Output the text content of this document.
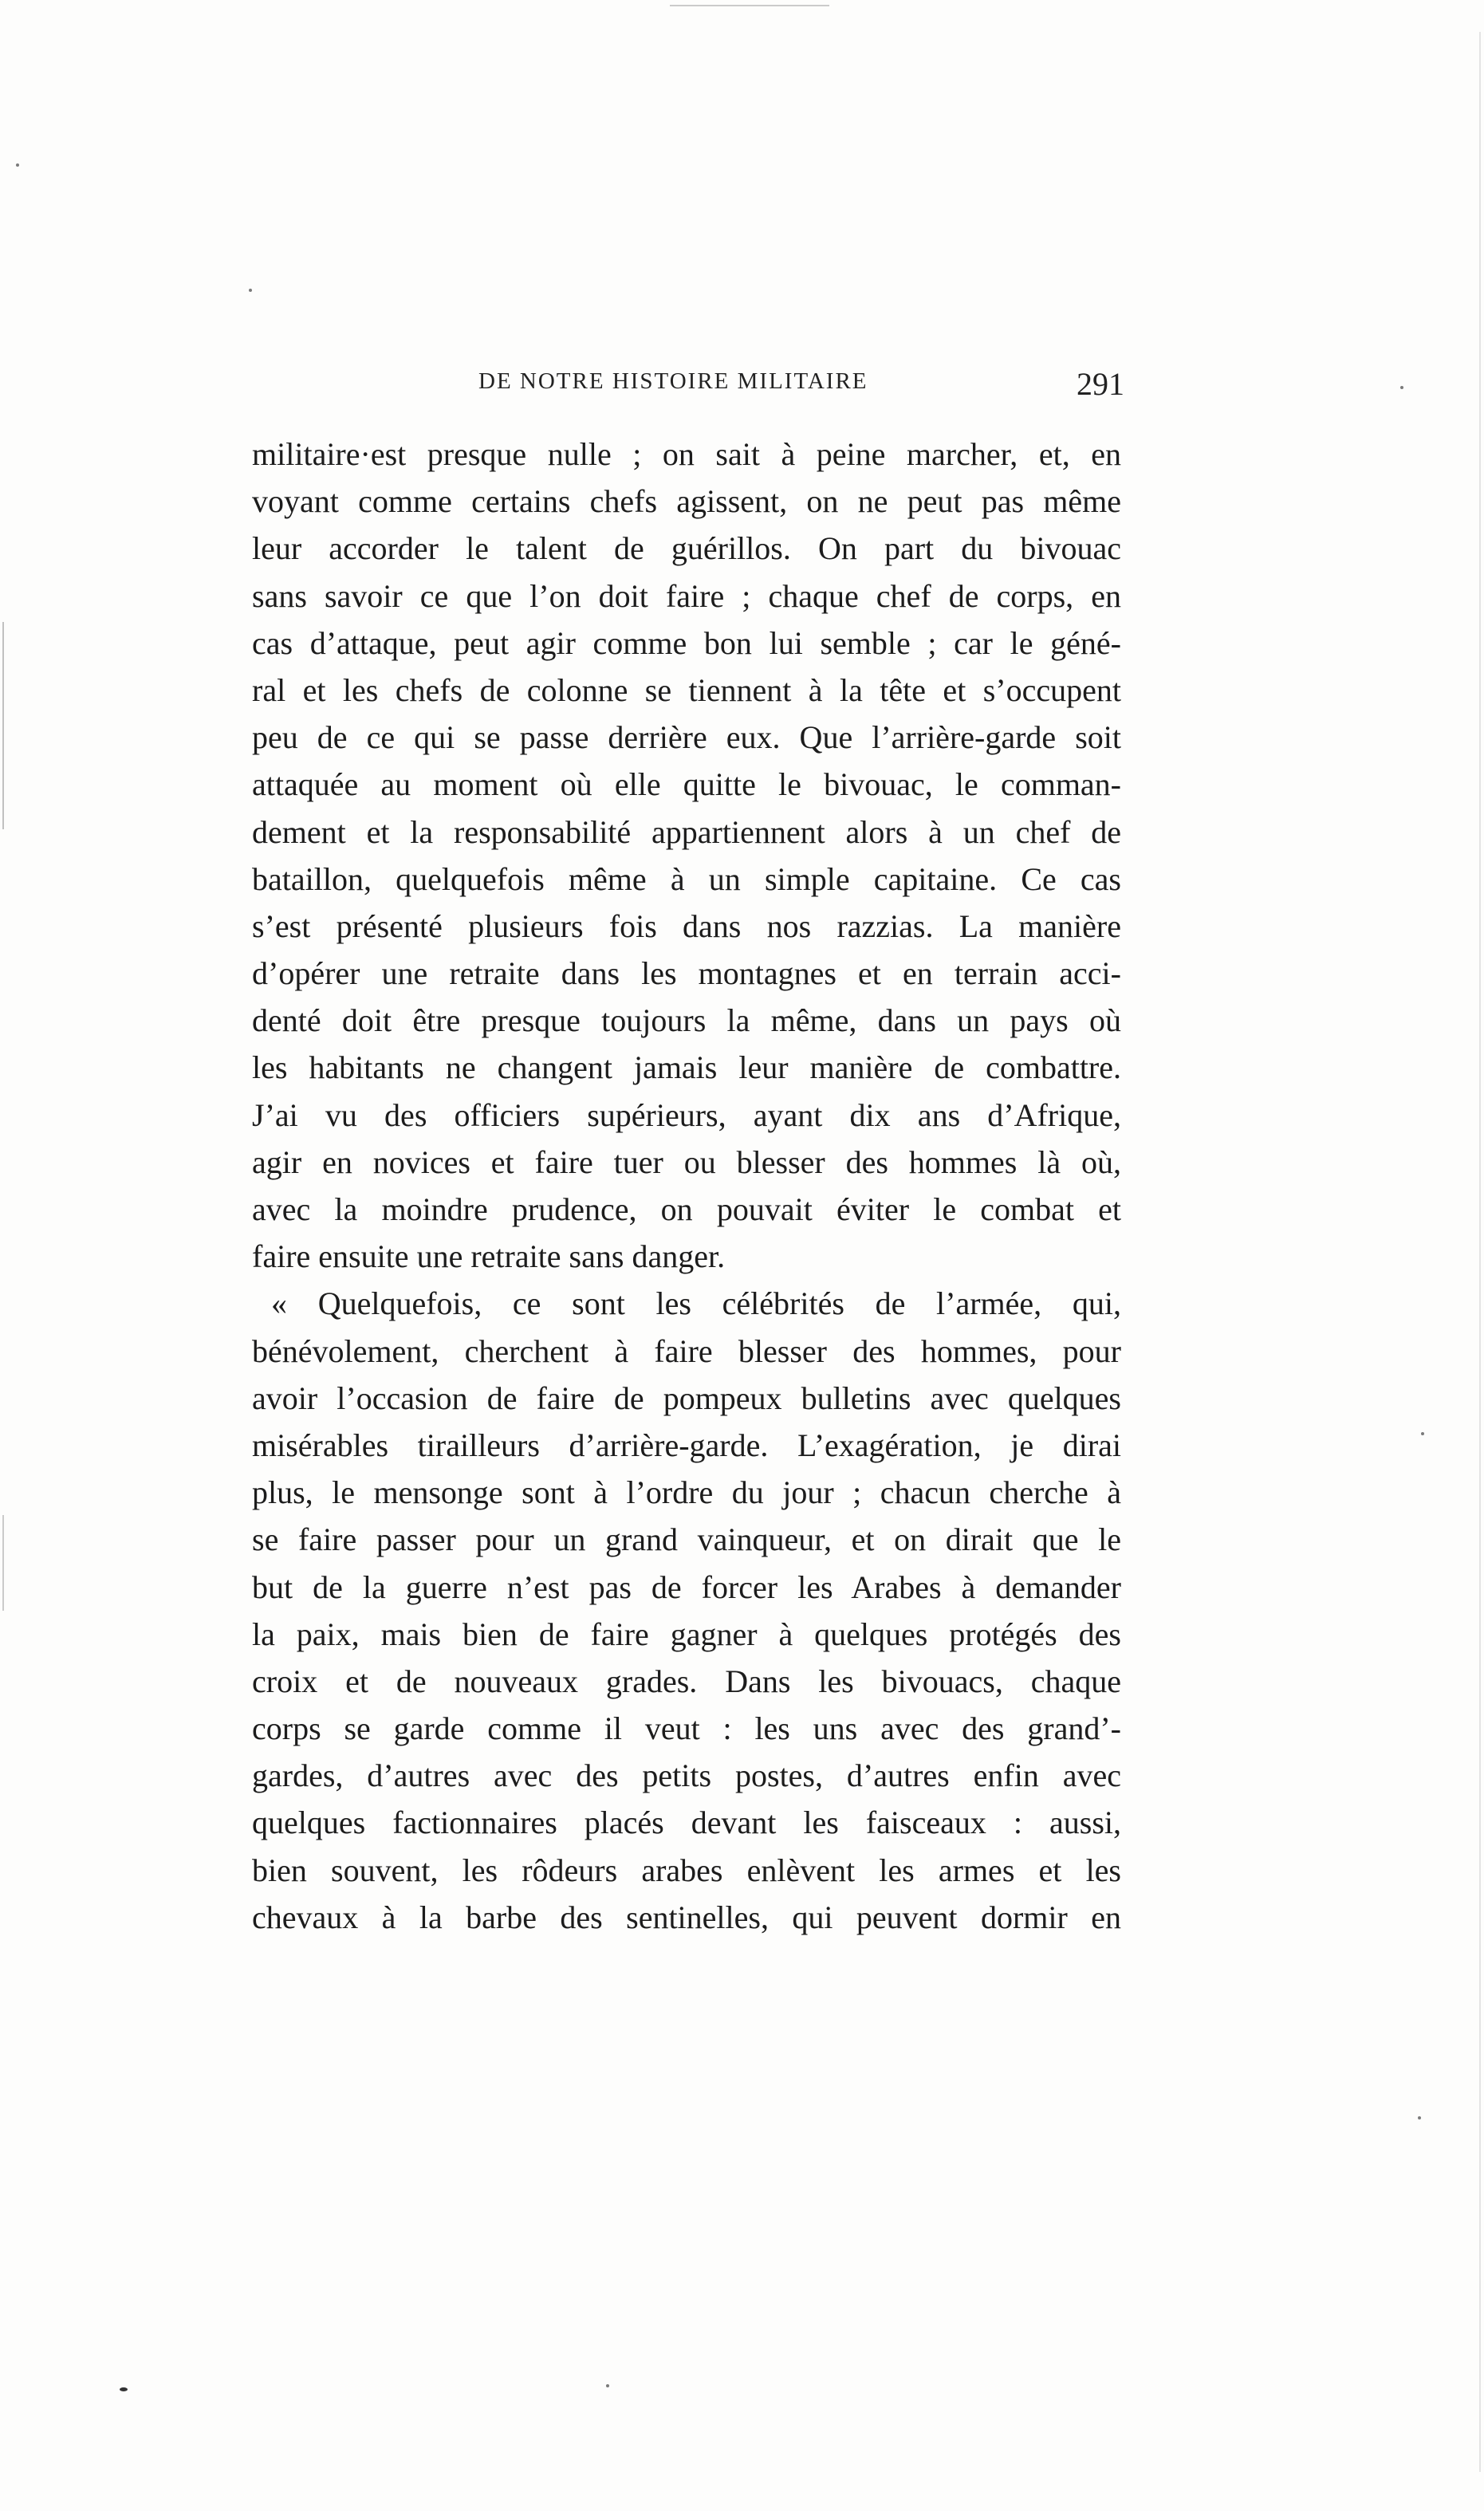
DE NOTRE HISTOIRE MILITAIRE	291
militaire·est presque nulle ; on sait à peine marcher, et, en
voyant comme certains chefs agissent, on ne peut pas même
leur accorder le talent de guérillos. On part du bivouac
sans savoir ce que l’on doit faire ; chaque chef de corps, en
cas d’attaque, peut agir comme bon lui semble ; car le géné-
ral et les chefs de colonne se tiennent à la tête et s’occupent
peu de ce qui se passe derrière eux. Que l’arrière-garde soit
attaquée au moment où elle quitte le bivouac, le comman-
dement et la responsabilité appartiennent alors à un chef de
bataillon, quelquefois même à un simple capitaine. Ce cas
s’est présenté plusieurs fois dans nos razzias. La manière
d’opérer une retraite dans les montagnes et en terrain acci-
denté doit être presque toujours la même, dans un pays où
les habitants ne changent jamais leur manière de combattre.
J’ai vu des officiers supérieurs, ayant dix ans d’Afrique,
agir en novices et faire tuer ou blesser des hommes là où,
avec la moindre prudence, on pouvait éviter le combat et
faire ensuite une retraite sans danger.
« Quelquefois, ce sont les célébrités de l’armée, qui,
bénévolement, cherchent à faire blesser des hommes, pour
avoir l’occasion de faire de pompeux bulletins avec quelques
misérables tirailleurs d’arrière-garde. L’exagération, je dirai
plus, le mensonge sont à l’ordre du jour ; chacun cherche à
se faire passer pour un grand vainqueur, et on dirait que le
but de la guerre n’est pas de forcer les Arabes à demander
la paix, mais bien de faire gagner à quelques protégés des
croix et de nouveaux grades. Dans les bivouacs, chaque
corps se garde comme il veut : les uns avec des grand’-
gardes, d’autres avec des petits postes, d’autres enfin avec
quelques factionnaires placés devant les faisceaux : aussi,
bien souvent, les rôdeurs arabes enlèvent les armes et les
chevaux à la barbe des sentinelles, qui peuvent dormir en
